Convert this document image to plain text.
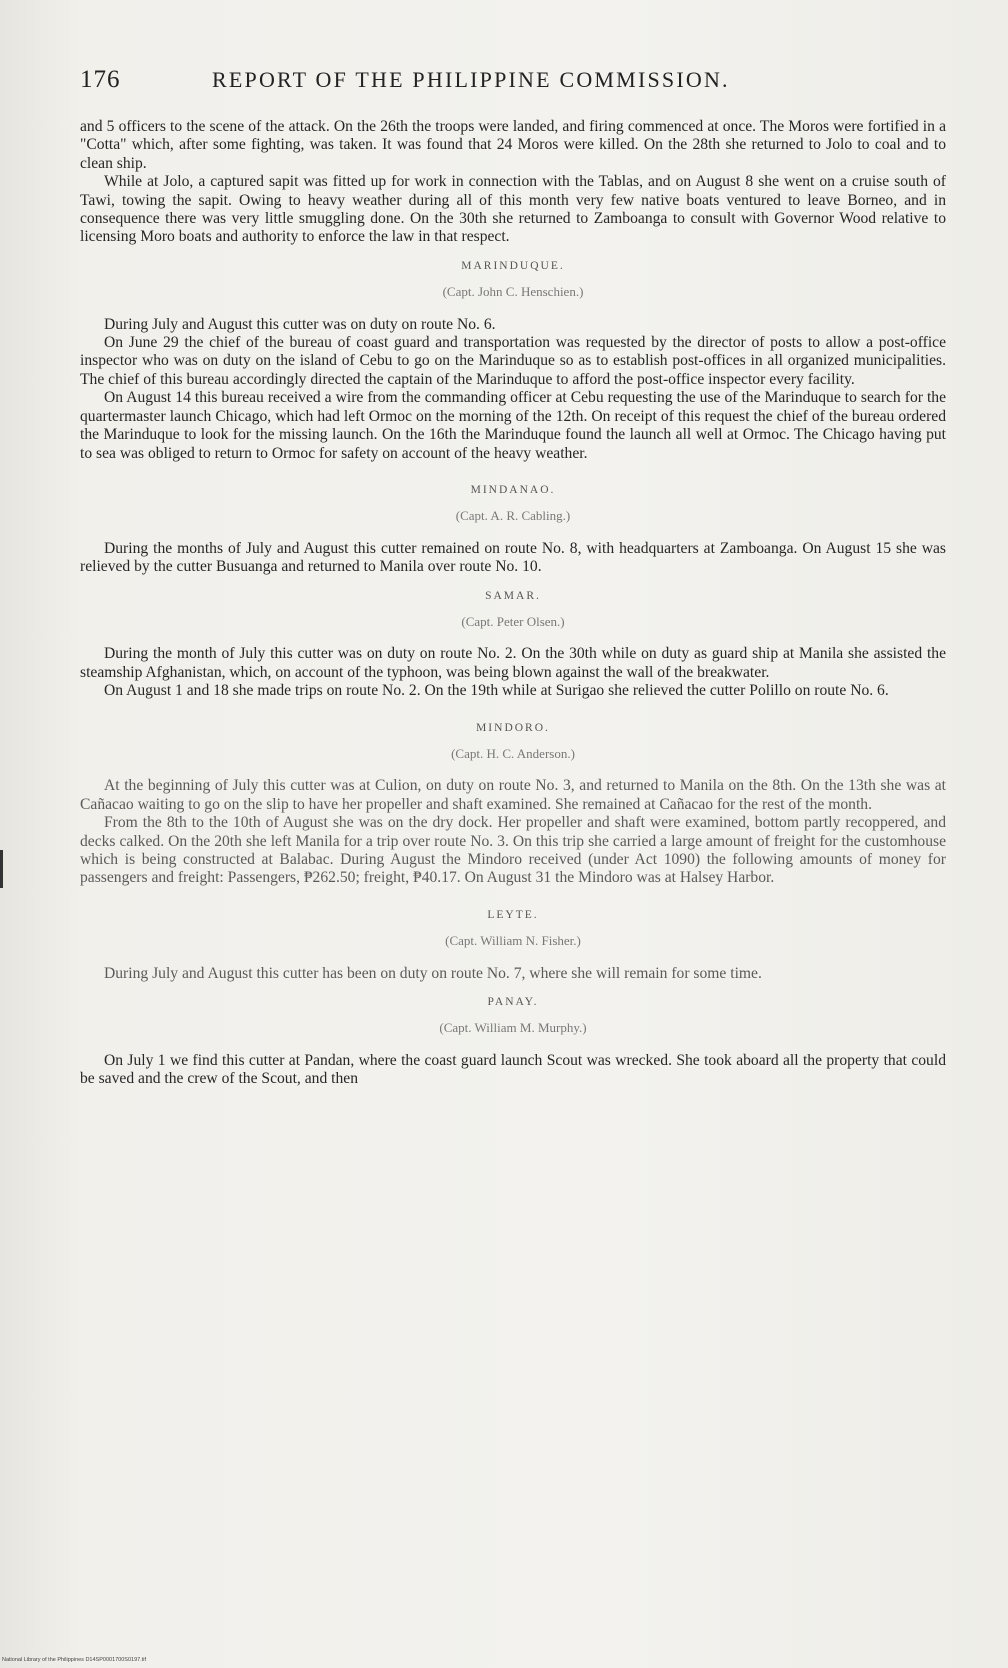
176	REPORT OF THE PHILIPPINE COMMISSION.

and 5 officers to the scene of the attack. On the 26th the troops were landed, and firing commenced at once. The Moros were fortified in a "Cotta" which, after some fighting, was taken. It was found that 24 Moros were killed. On the 28th she returned to Jolo to coal and to clean ship.

While at Jolo, a captured sapit was fitted up for work in connection with the Tablas, and on August 8 she went on a cruise south of Tawi, towing the sapit. Owing to heavy weather during all of this month very few native boats ventured to leave Borneo, and in consequence there was very little smuggling done. On the 30th she returned to Zamboanga to consult with Governor Wood relative to licensing Moro boats and authority to enforce the law in that respect.

MARINDUQUE.
(Capt. John C. Henschien.)

During July and August this cutter was on duty on route No. 6.

On June 29 the chief of the bureau of coast guard and transportation was requested by the director of posts to allow a post-office inspector who was on duty on the island of Cebu to go on the Marinduque so as to establish post-offices in all organized municipalities. The chief of this bureau accordingly directed the captain of the Marinduque to afford the post-office inspector every facility.

On August 14 this bureau received a wire from the commanding officer at Cebu requesting the use of the Marinduque to search for the quartermaster launch Chicago, which had left Ormoc on the morning of the 12th. On receipt of this request the chief of the bureau ordered the Marinduque to look for the missing launch. On the 16th the Marinduque found the launch all well at Ormoc. The Chicago having put to sea was obliged to return to Ormoc for safety on account of the heavy weather.

MINDANAO.
(Capt. A. R. Cabling.)

During the months of July and August this cutter remained on route No. 8, with headquarters at Zamboanga. On August 15 she was relieved by the cutter Busuanga and returned to Manila over route No. 10.

SAMAR.
(Capt. Peter Olsen.)

During the month of July this cutter was on duty on route No. 2. On the 30th while on duty as guard ship at Manila she assisted the steamship Afghanistan, which, on account of the typhoon, was being blown against the wall of the breakwater.

On August 1 and 18 she made trips on route No. 2. On the 19th while at Surigao she relieved the cutter Polillo on route No. 6.

MINDORO.
(Capt. H. C. Anderson.)

At the beginning of July this cutter was at Culion, on duty on route No. 3, and returned to Manila on the 8th. On the 13th she was at Cañacao waiting to go on the slip to have her propeller and shaft examined. She remained at Cañacao for the rest of the month.

From the 8th to the 10th of August she was on the dry dock. Her propeller and shaft were examined, bottom partly recoppered, and decks calked. On the 20th she left Manila for a trip over route No. 3. On this trip she carried a large amount of freight for the customhouse which is being constructed at Balabac. During August the Mindoro received (under Act 1090) the following amounts of money for passengers and freight: Passengers, ₱262.50; freight, ₱40.17. On August 31 the Mindoro was at Halsey Harbor.

LEYTE.
(Capt. William N. Fisher.)

During July and August this cutter has been on duty on route No. 7, where she will remain for some time.

PANAY.
(Capt. William M. Murphy.)

On July 1 we find this cutter at Pandan, where the coast guard launch Scout was wrecked. She took aboard all the property that could be saved and the crew of the Scout, and then

National Library of the Philippines D14SP0001700S0197.tif
